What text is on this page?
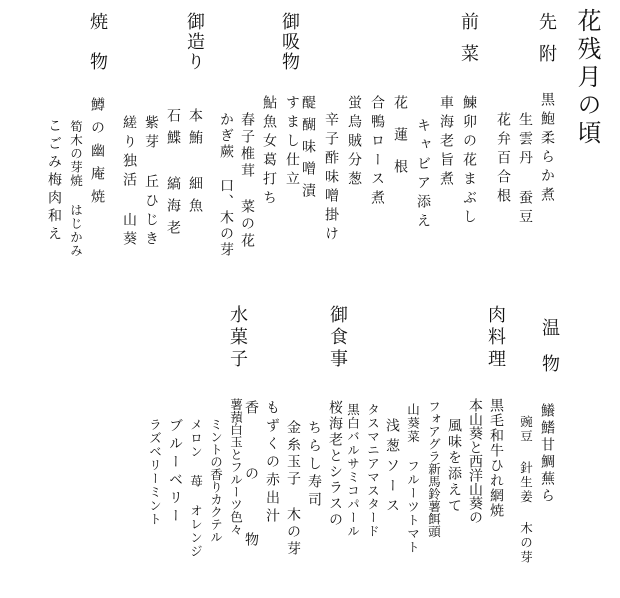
花残月の頃
先附
黒鮑柔らか煮
生雲丹 蚕豆
花弁百合根
前菜
鰊卯の花まぶし
車海老旨煮
キャビア添え
花蓮根
合鴨ロース煮
蛍烏賊分葱
辛子酢味噌掛け
醍醐味噌漬
御吸物
すまし仕立
鮎魚女葛打ち
春子椎茸 菜の花
かぎ蕨 口、木の芽
御造り
本鮪 細魚
石鰈 縞海老
紫芽 丘ひじき
縒り独活 山葵
焼物
鱒の幽庵焼
筍木の芽焼 はじかみ
こごみ梅肉和え
温物
鱶鰭甘鯛蕪ら
豌豆 針生姜 木の芽
肉料理
黒毛和牛ひれ網焼
本山葵と西洋山葵の
風味を添えて
フォアグラ新馬鈴薯餌頭
山葵菜 フルーツトマト
浅葱ソース
タスマニアマスタード
黒白バルサミコパール
御食事
桜海老とシラスの
ちらし寿司
金糸玉子 木の芽
もずくの赤出汁
香の物
水菓子
薯蕷白玉とフルーツ色々
ミントの香りカクテル
メロン 苺 オレンジ
ブルーベリー
ラズベリーミント
